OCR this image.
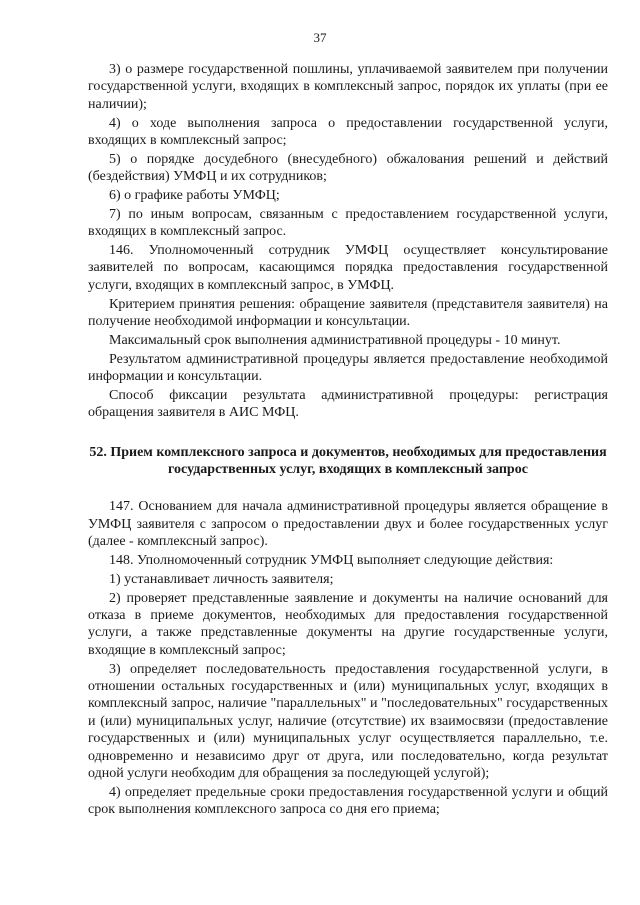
37

3) о размере государственной пошлины, уплачиваемой заявителем при получении государственной услуги, входящих в комплексный запрос, порядок их уплаты (при ее наличии);

4) о ходе выполнения запроса о предоставлении государственной услуги, входящих в комплексный запрос;

5) о порядке досудебного (внесудебного) обжалования решений и действий (бездействия) УМФЦ и их сотрудников;

6) о графике работы УМФЦ;

7) по иным вопросам, связанным с предоставлением государственной услуги, входящих в комплексный запрос.

146. Уполномоченный сотрудник УМФЦ осуществляет консультирование заявителей по вопросам, касающимся порядка предоставления государственной услуги, входящих в комплексный запрос, в УМФЦ.

Критерием принятия решения: обращение заявителя (представителя заявителя) на получение необходимой информации и консультации.

Максимальный срок выполнения административной процедуры - 10 минут.

Результатом административной процедуры является предоставление необходимой информации и консультации.

Способ фиксации результата административной процедуры: регистрация обращения заявителя в АИС МФЦ.

52. Прием комплексного запроса и документов, необходимых для предоставления государственных услуг, входящих в комплексный запрос

147. Основанием для начала административной процедуры является обращение в УМФЦ заявителя с запросом о предоставлении двух и более государственных услуг (далее - комплексный запрос).

148. Уполномоченный сотрудник УМФЦ выполняет следующие действия:

1) устанавливает личность заявителя;

2) проверяет представленные заявление и документы на наличие оснований для отказа в приеме документов, необходимых для предоставления государственной услуги, а также представленные документы на другие государственные услуги, входящие в комплексный запрос;

3) определяет последовательность предоставления государственной услуги, в отношении остальных государственных и (или) муниципальных услуг, входящих в комплексный запрос, наличие "параллельных" и "последовательных" государственных и (или) муниципальных услуг, наличие (отсутствие) их взаимосвязи (предоставление государственных и (или) муниципальных услуг осуществляется параллельно, т.е. одновременно и независимо друг от друга, или последовательно, когда результат одной услуги необходим для обращения за последующей услугой);

4) определяет предельные сроки предоставления государственной услуги и общий срок выполнения комплексного запроса со дня его приема;
